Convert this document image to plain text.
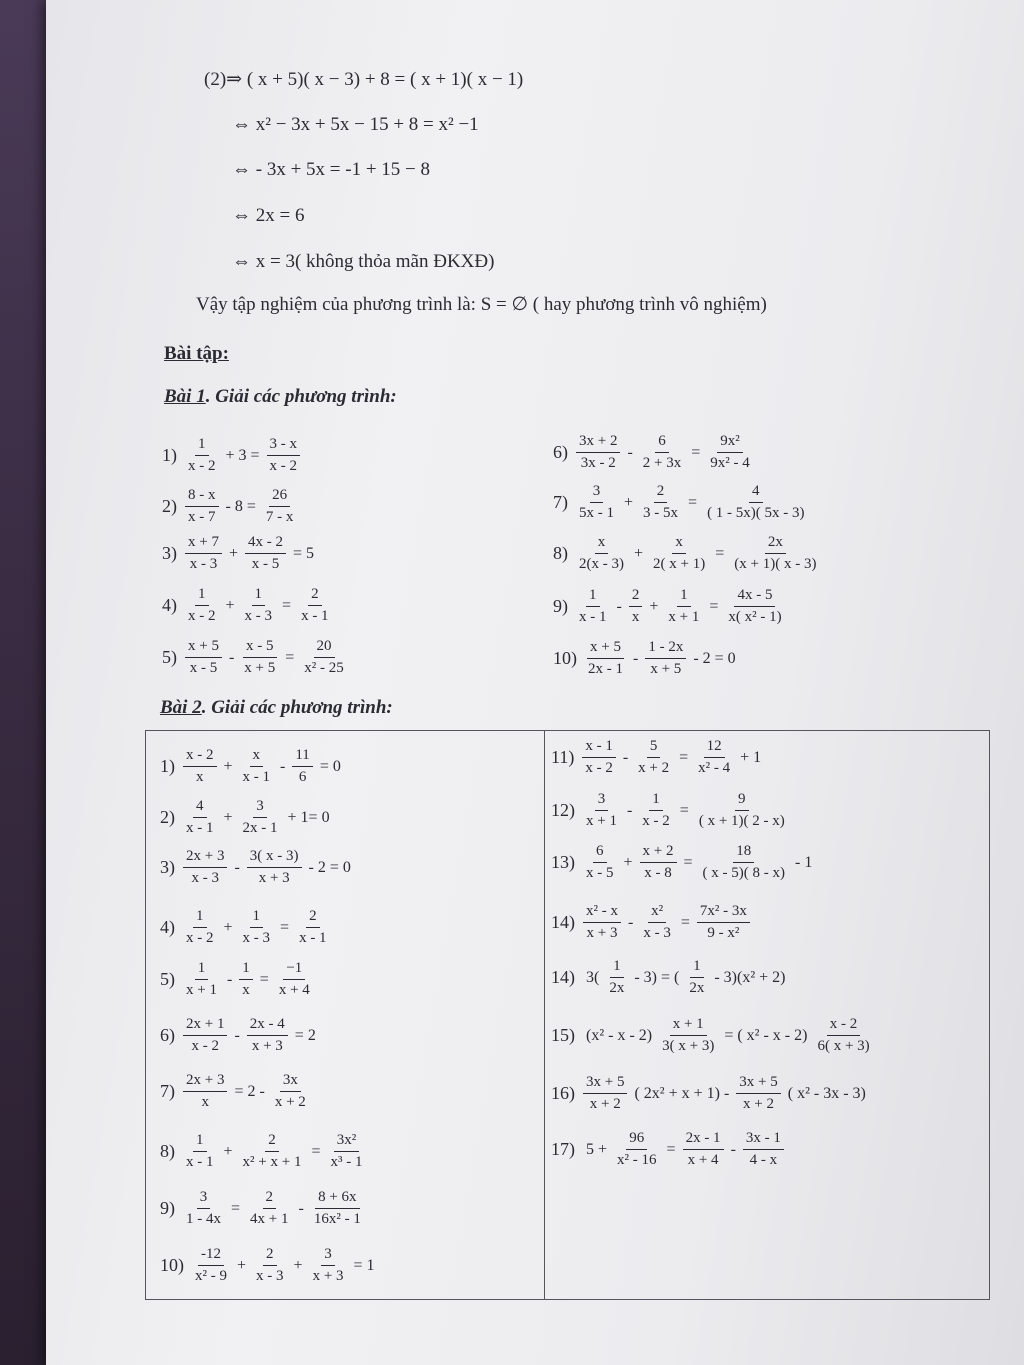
(2)⇒ ( x + 5)( x − 3) + 8 = ( x + 1)( x − 1)
⇔ x² − 3x + 5x − 15 + 8 = x² −1
⇔ - 3x + 5x = -1 + 15 − 8
⇔ 2x = 6
⇔ x = 3( không thỏa mãn ĐKXĐ)
Vậy tập nghiệm của phương trình là: S = ∅ ( hay phương trình vô nghiệm)
Bài tập:
Bài 1. Giải các phương trình:
$1) \frac{1}{x - 2} + 3 = \frac{3 - x}{x - 2}$
$2) \frac{8 - x}{x - 7} - 8 = \frac{26}{7 - x}$
$3) \frac{x + 7}{x - 3} + \frac{4x - 2}{x - 5} = 5$
$4) \frac{1}{x - 2} + \frac{1}{x - 3} = \frac{2}{x - 1}$
$5) \frac{x + 5}{x - 5} - \frac{x - 5}{x + 5} = \frac{20}{\text{x² - 25}}$
$6) \frac{3x + 2}{3x - 2} - \frac{6}{2 + 3x} = \frac{\text{9x²}}{\text{9x² - 4}}$
$7) \frac{3}{5x - 1} + \frac{2}{3 - 5x} = \frac{4}{( 1 - 5x)( 5x - 3)}$
$8) \frac{x}{2(x - 3)} + \frac{x}{2( x + 1)} = \frac{2x}{(x + 1)( x - 3)}$
$9) \frac{1}{x - 1} - \frac{2}{x} + \frac{1}{x + 1} = \frac{4x - 5}{\text{x( x² - 1)}}$
$10) \frac{x + 5}{2x - 1} - \frac{1 - 2x}{x + 5} - 2 = 0$
Bài 2. Giải các phương trình:
$1) \frac{x - 2}{x} + \frac{x}{x - 1} - \frac{11}{6} = 0$
$2) \frac{4}{x - 1} + \frac{3}{2x - 1} + 1= 0$
$3) \frac{2x + 3}{x - 3} - \frac{3( x - 3)}{x + 3} - 2 = 0$
$4) \frac{1}{x - 2} + \frac{1}{x - 3} = \frac{2}{x - 1}$
$5) \frac{1}{x + 1} - \frac{1}{x} = \frac{-1}{x + 4}$
$6) \frac{2x + 1}{x - 2} - \frac{2x - 4}{x + 3} = 2$
$7) \frac{2x + 3}{x} = 2 - \frac{3x}{x + 2}$
$8) \frac{1}{x - 1} + \frac{2}{\text{x² + x + 1}} = \frac{\text{3x²}}{\text{x³ - 1}}$
$9) \frac{3}{1 - 4x} = \frac{2}{4x + 1} - \frac{8 + 6x}{\text{16x² - 1}}$
$10) \frac{-12}{\text{x² - 9}} + \frac{2}{x - 3} + \frac{3}{x + 3} = 1$
$11) \frac{x - 1}{x - 2} - \frac{5}{x + 2} = \frac{12}{\text{x² - 4}} + 1$
$12) \frac{3}{x + 1} - \frac{1}{x - 2} = \frac{9}{( x + 1)( 2 - x)}$
$13) \frac{6}{x - 5} + \frac{x + 2}{x - 8} = \frac{18}{( x - 5)( 8 - x)} - 1$
$14) \frac{\text{x² - x}}{x + 3} - \frac{\text{x²}}{x - 3} = \frac{\text{7x² - 3x}}{\text{9 - x²}}$
14) $3( \frac{1}{2x} - 3)$ = ( $\frac{1}{2x} - 3)(x^2 + 2)$
15) (x² - x - $2) \frac{x + 1}{3( x + 3)}$ = ( x² - x - $2) \frac{x - 2}{6( x + 3)}$
$16) \frac{3x + 5}{x + 2}$ ( $2x^2 + x + 1) - \frac{3x + 5}{x + 2}$ ( x² - 3x - 3)
17) $5 + \frac{96}{\text{x² - 16}} = \frac{2x - 1}{x + 4} - \frac{3x - 1}{4 - x}$
